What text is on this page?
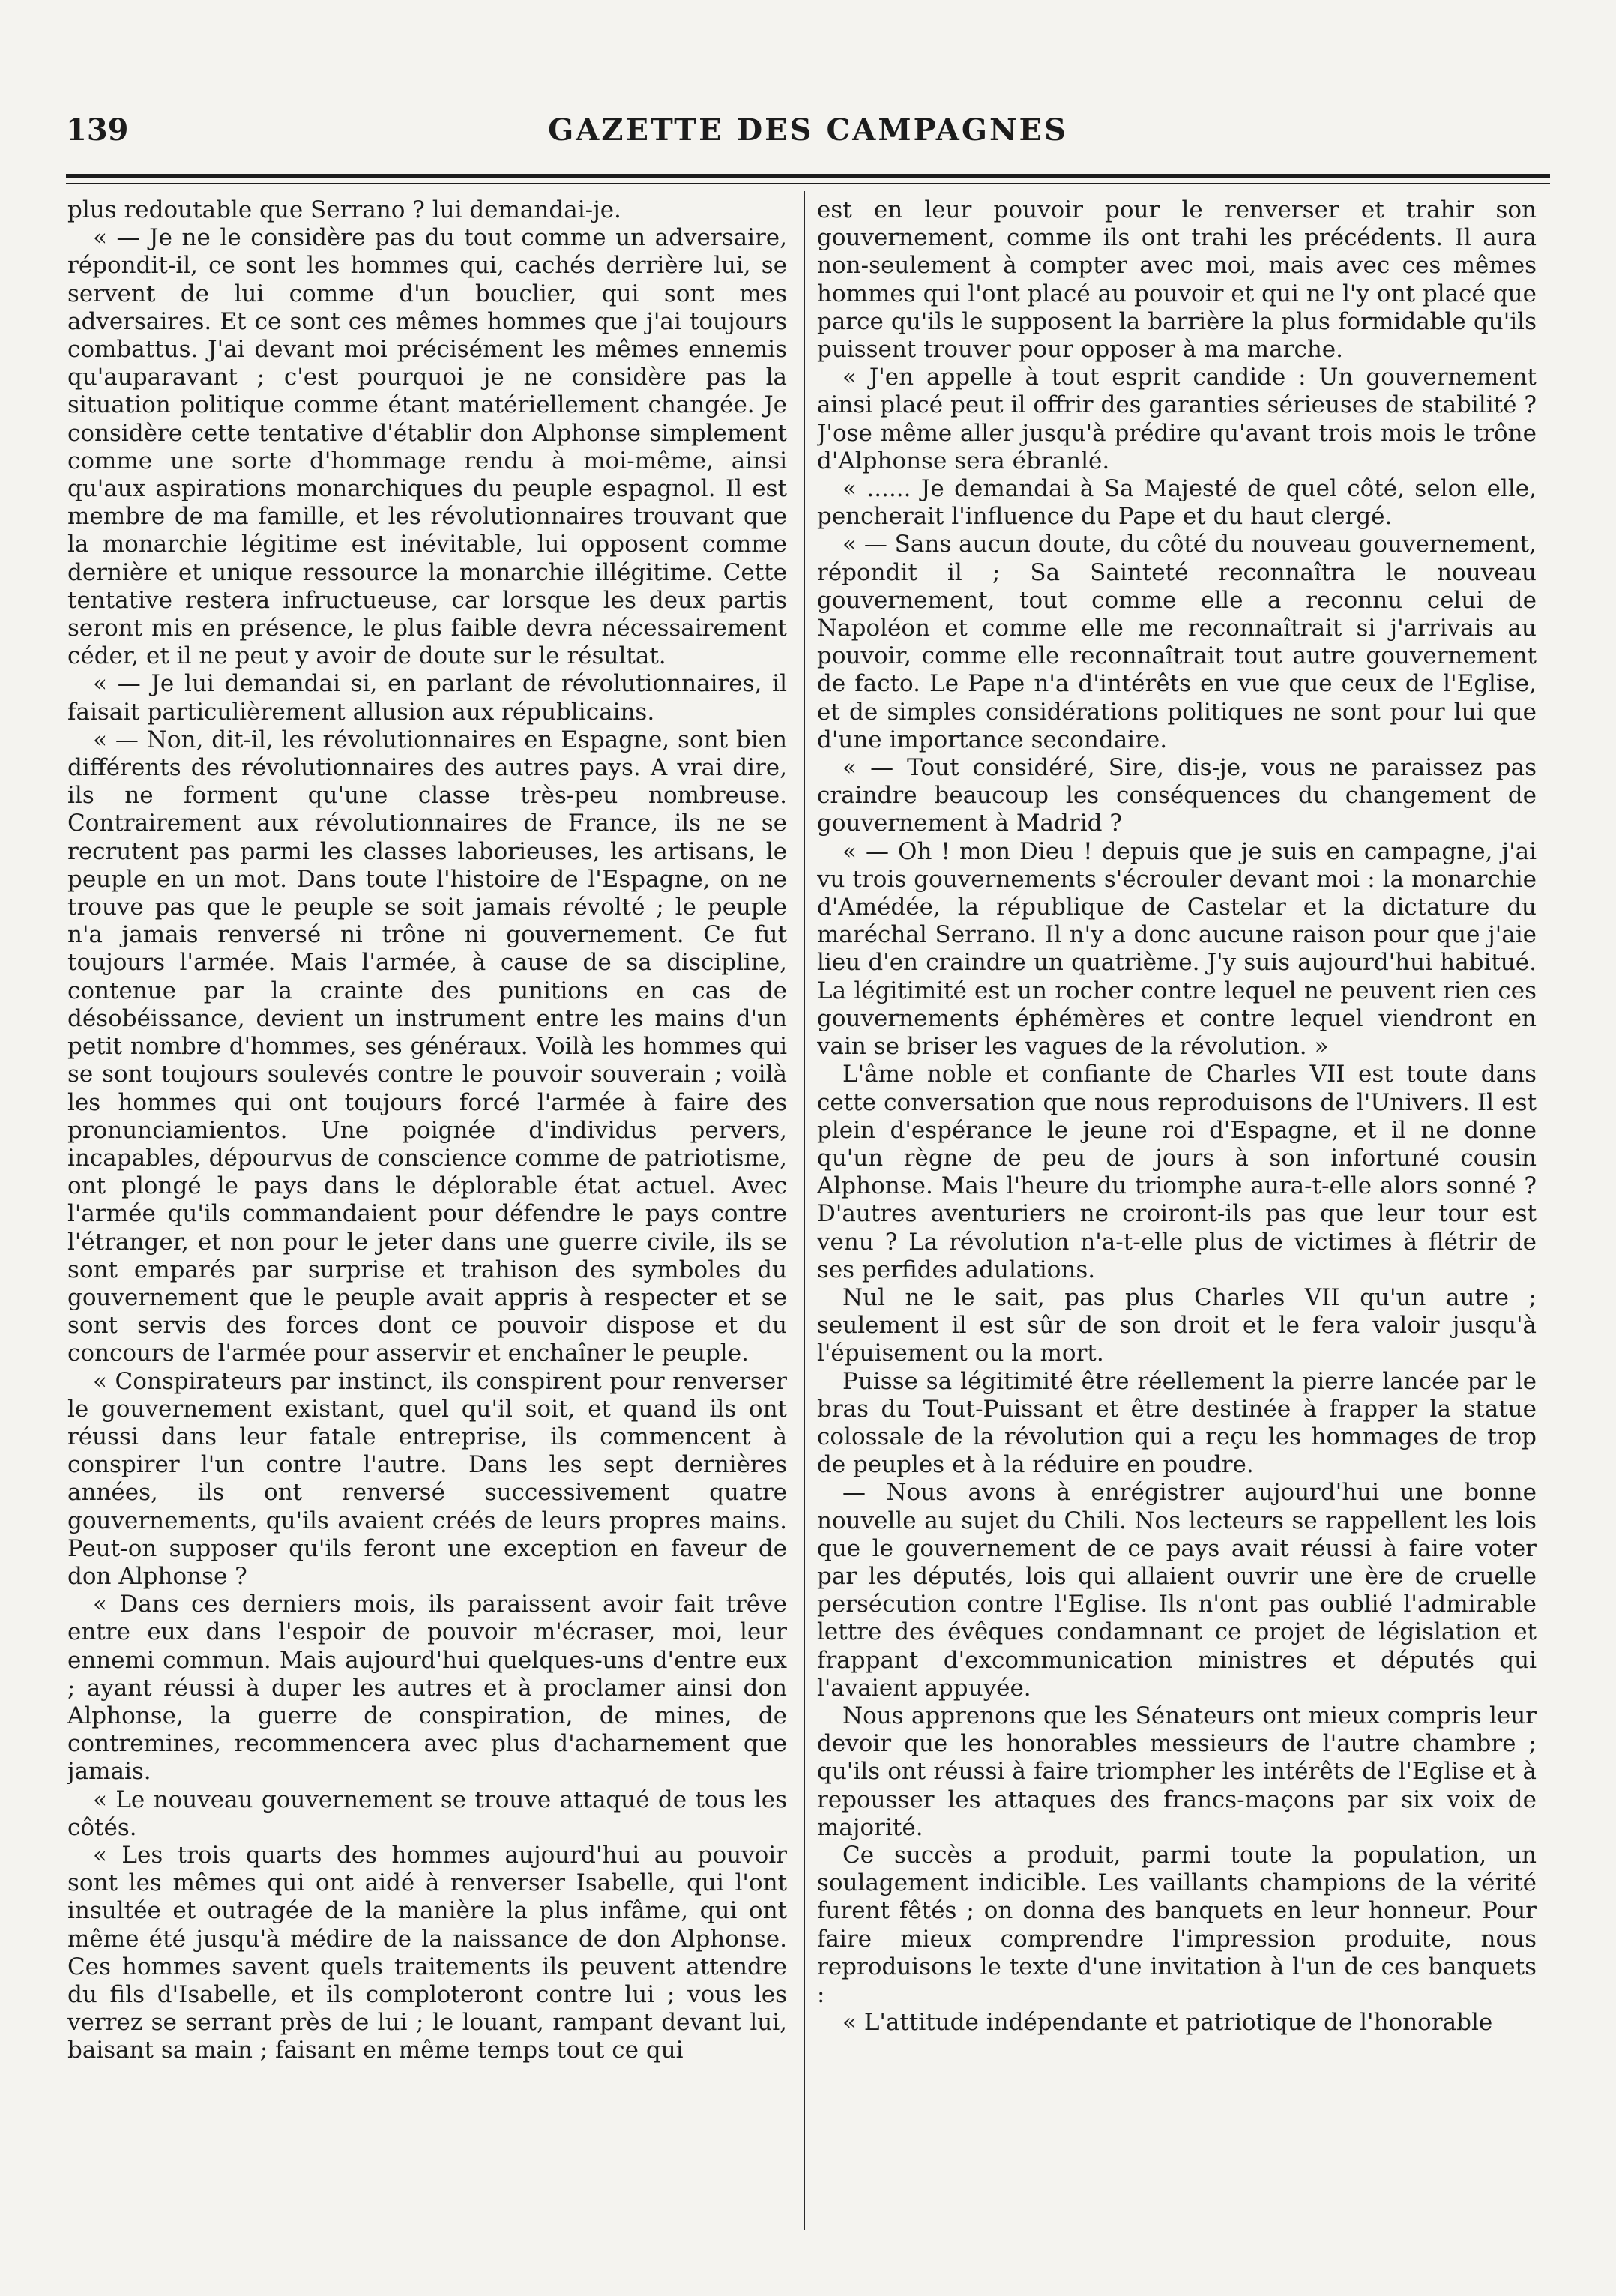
139	GAZETTE DES CAMPAGNES

plus redoutable que Serrano ? lui demandai-je.

« — Je ne le considère pas du tout comme un adversaire, répondit-il, ce sont les hommes qui, cachés derrière lui, se servent de lui comme d'un bouclier, qui sont mes adversaires. Et ce sont ces mêmes hommes que j'ai toujours combattus. J'ai devant moi précisément les mêmes ennemis qu'auparavant ; c'est pourquoi je ne considère pas la situation politique comme étant matériellement changée. Je considère cette tentative d'établir don Alphonse simplement comme une sorte d'hommage rendu à moi-même, ainsi qu'aux aspirations monarchiques du peuple espagnol. Il est membre de ma famille, et les révolutionnaires trouvant que la monarchie légitime est inévitable, lui opposent comme dernière et unique ressource la monarchie illégitime. Cette tentative restera infructueuse, car lorsque les deux partis seront mis en présence, le plus faible devra nécessairement céder, et il ne peut y avoir de doute sur le résultat.

« — Je lui demandai si, en parlant de révolutionnaires, il faisait particulièrement allusion aux républicains.

« — Non, dit-il, les révolutionnaires en Espagne, sont bien différents des révolutionnaires des autres pays. A vrai dire, ils ne forment qu'une classe très-peu nombreuse. Contrairement aux révolutionnaires de France, ils ne se recrutent pas parmi les classes laborieuses, les artisans, le peuple en un mot. Dans toute l'histoire de l'Espagne, on ne trouve pas que le peuple se soit jamais révolté ; le peuple n'a jamais renversé ni trône ni gouvernement. Ce fut toujours l'armée. Mais l'armée, à cause de sa discipline, contenue par la crainte des punitions en cas de désobéissance, devient un instrument entre les mains d'un petit nombre d'hommes, ses généraux. Voilà les hommes qui se sont toujours soulevés contre le pouvoir souverain ; voilà les hommes qui ont toujours forcé l'armée à faire des pronunciamientos. Une poignée d'individus pervers, incapables, dépourvus de conscience comme de patriotisme, ont plongé le pays dans le déplorable état actuel. Avec l'armée qu'ils commandaient pour défendre le pays contre l'étranger, et non pour le jeter dans une guerre civile, ils se sont emparés par surprise et trahison des symboles du gouvernement que le peuple avait appris à respecter et se sont servis des forces dont ce pouvoir dispose et du concours de l'armée pour asservir et enchaîner le peuple.

« Conspirateurs par instinct, ils conspirent pour renverser le gouvernement existant, quel qu'il soit, et quand ils ont réussi dans leur fatale entreprise, ils commencent à conspirer l'un contre l'autre. Dans les sept dernières années, ils ont renversé successivement quatre gouvernements, qu'ils avaient créés de leurs propres mains. Peut-on supposer qu'ils feront une exception en faveur de don Alphonse ?

« Dans ces derniers mois, ils paraissent avoir fait trêve entre eux dans l'espoir de pouvoir m'écraser, moi, leur ennemi commun. Mais aujourd'hui quelques-uns d'entre eux ; ayant réussi à duper les autres et à proclamer ainsi don Alphonse, la guerre de conspiration, de mines, de contremines, recommencera avec plus d'acharnement que jamais.

« Le nouveau gouvernement se trouve attaqué de tous les côtés.

« Les trois quarts des hommes aujourd'hui au pouvoir sont les mêmes qui ont aidé à renverser Isabelle, qui l'ont insultée et outragée de la manière la plus infâme, qui ont même été jusqu'à médire de la naissance de don Alphonse. Ces hommes savent quels traitements ils peuvent attendre du fils d'Isabelle, et ils comploteront contre lui ; vous les verrez se serrant près de lui ; le louant, rampant devant lui, baisant sa main ; faisant en même temps tout ce qui

est en leur pouvoir pour le renverser et trahir son gouvernement, comme ils ont trahi les précédents. Il aura non-seulement à compter avec moi, mais avec ces mêmes hommes qui l'ont placé au pouvoir et qui ne l'y ont placé que parce qu'ils le supposent la barrière la plus formidable qu'ils puissent trouver pour opposer à ma marche.

« J'en appelle à tout esprit candide : Un gouvernement ainsi placé peut il offrir des garanties sérieuses de stabilité ? J'ose même aller jusqu'à prédire qu'avant trois mois le trône d'Alphonse sera ébranlé.

« ...... Je demandai à Sa Majesté de quel côté, selon elle, pencherait l'influence du Pape et du haut clergé.

« — Sans aucun doute, du côté du nouveau gouvernement, répondit il ; Sa Sainteté reconnaîtra le nouveau gouvernement, tout comme elle a reconnu celui de Napoléon et comme elle me reconnaîtrait si j'arrivais au pouvoir, comme elle reconnaîtrait tout autre gouvernement de facto. Le Pape n'a d'intérêts en vue que ceux de l'Eglise, et de simples considérations politiques ne sont pour lui que d'une importance secondaire.

« — Tout considéré, Sire, dis-je, vous ne paraissez pas craindre beaucoup les conséquences du changement de gouvernement à Madrid ?

« — Oh ! mon Dieu ! depuis que je suis en campagne, j'ai vu trois gouvernements s'écrouler devant moi : la monarchie d'Amédée, la république de Castelar et la dictature du maréchal Serrano. Il n'y a donc aucune raison pour que j'aie lieu d'en craindre un quatrième. J'y suis aujourd'hui habitué. La légitimité est un rocher contre lequel ne peuvent rien ces gouvernements éphémères et contre lequel viendront en vain se briser les vagues de la révolution. »

L'âme noble et confiante de Charles VII est toute dans cette conversation que nous reproduisons de l'Univers. Il est plein d'espérance le jeune roi d'Espagne, et il ne donne qu'un règne de peu de jours à son infortuné cousin Alphonse. Mais l'heure du triomphe aura-t-elle alors sonné ? D'autres aventuriers ne croiront-ils pas que leur tour est venu ? La révolution n'a-t-elle plus de victimes à flétrir de ses perfides adulations.

Nul ne le sait, pas plus Charles VII qu'un autre ; seulement il est sûr de son droit et le fera valoir jusqu'à l'épuisement ou la mort.

Puisse sa légitimité être réellement la pierre lancée par le bras du Tout-Puissant et être destinée à frapper la statue colossale de la révolution qui a reçu les hommages de trop de peuples et à la réduire en poudre.

— Nous avons à enrégistrer aujourd'hui une bonne nouvelle au sujet du Chili. Nos lecteurs se rappellent les lois que le gouvernement de ce pays avait réussi à faire voter par les députés, lois qui allaient ouvrir une ère de cruelle persécution contre l'Eglise. Ils n'ont pas oublié l'admirable lettre des évêques condamnant ce projet de législation et frappant d'excommunication ministres et députés qui l'avaient appuyée.

Nous apprenons que les Sénateurs ont mieux compris leur devoir que les honorables messieurs de l'autre chambre ; qu'ils ont réussi à faire triompher les intérêts de l'Eglise et à repousser les attaques des francs-maçons par six voix de majorité.

Ce succès a produit, parmi toute la population, un soulagement indicible. Les vaillants champions de la vérité furent fêtés ; on donna des banquets en leur honneur. Pour faire mieux comprendre l'impression produite, nous reproduisons le texte d'une invitation à l'un de ces banquets :

« L'attitude indépendante et patriotique de l'honorable
